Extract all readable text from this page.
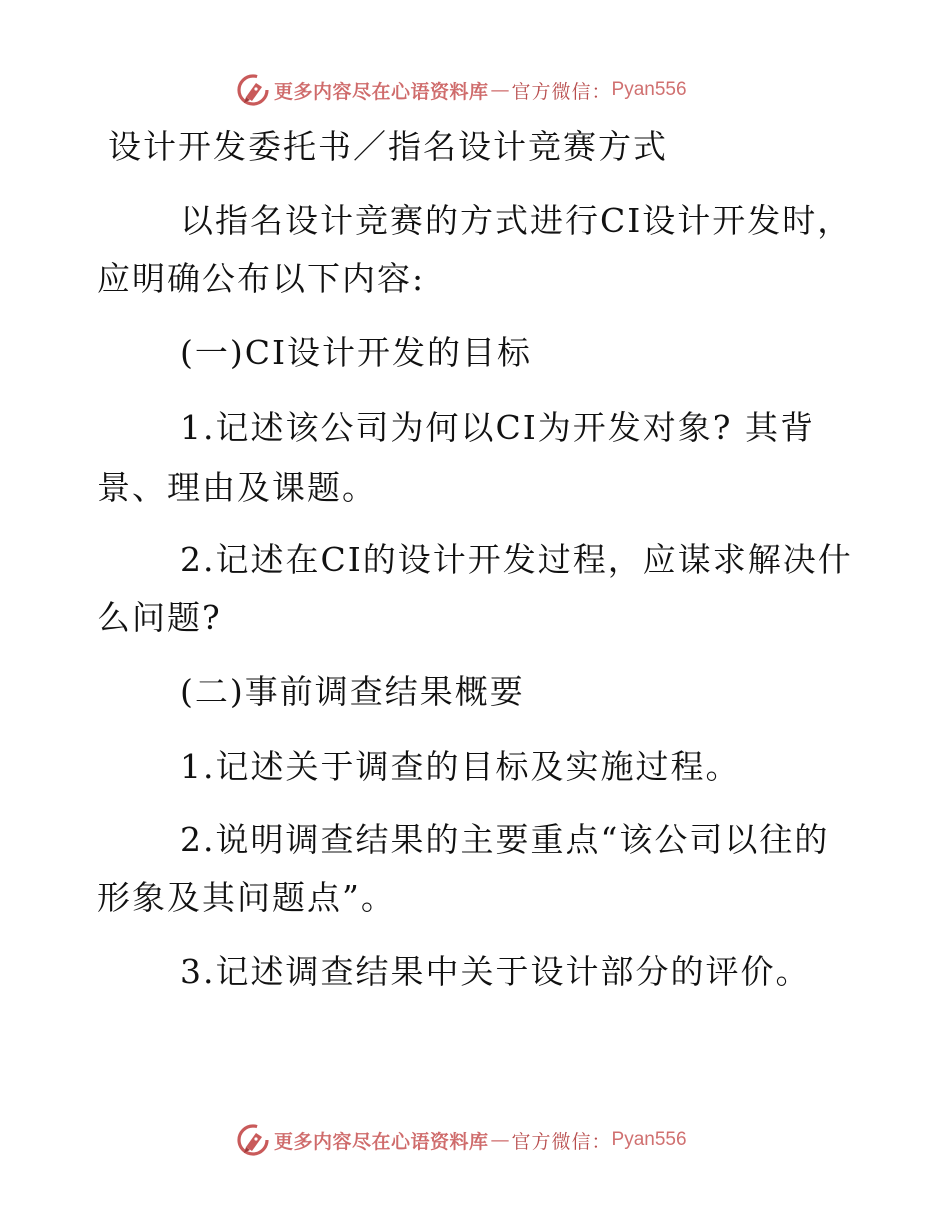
更多内容尽在心语资料库 — 官方微信： Pyan556
设计开发委托书／指名设计竞赛方式
以指名设计竞赛的方式进行CI设计开发时，
应明确公布以下内容:
(一)CI设计开发的目标
1.记述该公司为何以CI为开发对象? 其背
景、理由及课题。
2.记述在CI的设计开发过程，应谋求解决什
么问题?
(二)事前调查结果概要
1.记述关于调查的目标及实施过程。
2.说明调查结果的主要重点“该公司以往的
形象及其问题点”。
3.记述调查结果中关于设计部分的评价。
更多内容尽在心语资料库 — 官方微信： Pyan556
